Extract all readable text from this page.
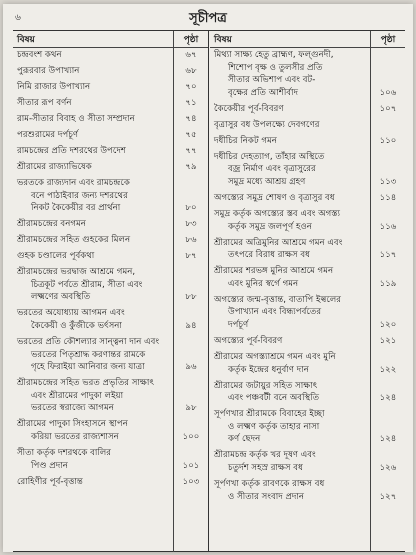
৬	সূচীপত্র
বিষয়	পৃষ্ঠা
চন্দ্রবংশ কথন	৬৭
পুরূরবার উপাখ্যান	৬৮
নিমি রাজার উপাখ্যান	৭০
সীতার রূপ বর্ণন	৭১
রাম-সীতার বিবাহ ও সীতা সম্প্রদান	৭৪
পরশুরামের দর্পচূর্ণ	৭৫
রামচন্দ্রের প্রতি দশরথের উপদেশ	৭৭
শ্রীরামের রাজ্যাভিষেক	৭৯
ভরতকে রাজ্যদান এবং রামচন্দ্রকে
বনে পাঠাইবার জন্য দশরথের
নিকট কৈকেয়ীর বর প্রার্থনা	৮০
শ্রীরামচন্দ্রের বনগমন	৮৩
শ্রীরামচন্দ্রের সহিত গুহকের মিলন	৮৬
গুহক চণ্ডালের পূর্বকথা	৮৭
শ্রীরামচন্দ্রের ভরদ্বাজ আশ্রমে গমন,
চিত্রকূট পর্বতে শ্রীরাম, সীতা এবং
লক্ষ্মণের অবস্থিতি	৮৮
ভরতের অযোধ্যায় আগমন এবং
কৈকেয়ী ও কুঁজীকে ভর্ৎসনা	৯৪
ভরতের প্রতি কৌশল্যার সান্ত্বনা দান এবং
ভরতের পিতৃশ্রাদ্ধ করণান্তর রামকে
গৃহে ফিরাইয়া আনিবার জন্য যাত্রা	৯৬
শ্রীরামচন্দ্রের সহিত ভরত প্রভৃতির সাক্ষাৎ
এবং শ্রীরামের পাদুকা লইয়া
ভরতের স্বরাজ্যে আগমন	৯৮
শ্রীরামের পাদুকা সিংহাসনে স্থাপন
করিয়া ভরতের রাজ্যশাসন	১০০
সীতা কর্তৃক দশরথকে বালির
পিণ্ড প্রদান	১০১
রোহিণীর পূর্ব-বৃত্তান্ত	১০৩
বিষয়	পৃষ্ঠা
মিথ্যা সাক্ষ্য হেতু ব্রাহ্মণ, ফল্গুনদী,
শিশোপ বৃক্ষ ও তুলসীর প্রতি
সীতার অভিশাপ এবং বট-
বৃক্ষের প্রতি আশীর্বাদ	১০৬
কৈকেয়ীর পূর্ব-বিবরণ	১০৭
বৃত্রাসুর বধ উপলক্ষ্যে দেবগণের
দধীচির নিকট গমন	১১০
দধীচির দেহত্যাগ, তাঁহার অস্থিতে
বজ্র নির্মাণ এবং বৃত্রাসুরের
সমুদ্র মধ্যে আশ্রয় গ্রহণ	১১৩
অগস্ত্যের সমুদ্র শোষণ ও বৃত্রাসুর বধ	১১৪
সমুদ্র কর্তৃক অগস্ত্যের স্তব এবং অগস্ত্য
কর্তৃক সমুদ্র জলপূর্ণ হওন	১১৬
শ্রীরামের অত্রিমুনির আশ্রমে গমন এবং
তৎপরে বিরাধ রাক্ষস বধ	১১৭
শ্রীরামের শরভঙ্গ মুনির আশ্রমে গমন
এবং মুনির স্বর্গে গমন	১১৯
অগস্ত্যের জন্ম-বৃত্তান্ত, বাতাপি ইল্বলের
উপাখ্যান এবং বিন্ধ্যপর্বতের
দর্পচূর্ণ	১২০
অগস্ত্যের পূর্ব-বিবরণ	১২১
শ্রীরামের অগস্ত্যাশ্রমে গমন এবং মুনি
কর্তৃক ইন্দ্রের ধনুর্বাণ দান	১২২
শ্রীরামের জটায়ুর সহিত সাক্ষাৎ
এবং পঞ্চবটী বনে অবস্থিতি	১২৪
সূর্পণখার শ্রীরামকে বিবাহের ইচ্ছা
ও লক্ষ্মণ কর্তৃক তাহার নাসা
কর্ণ ছেদন	১২৪
শ্রীরামচন্দ্র কর্তৃক খর দূষণ এবং
চতুর্দশ সহস্র রাক্ষস বধ	১২৬
সূর্পণখা কর্তৃক রাবণকে রাক্ষস বধ
ও সীতার সংবাদ প্রদান	১২৭
